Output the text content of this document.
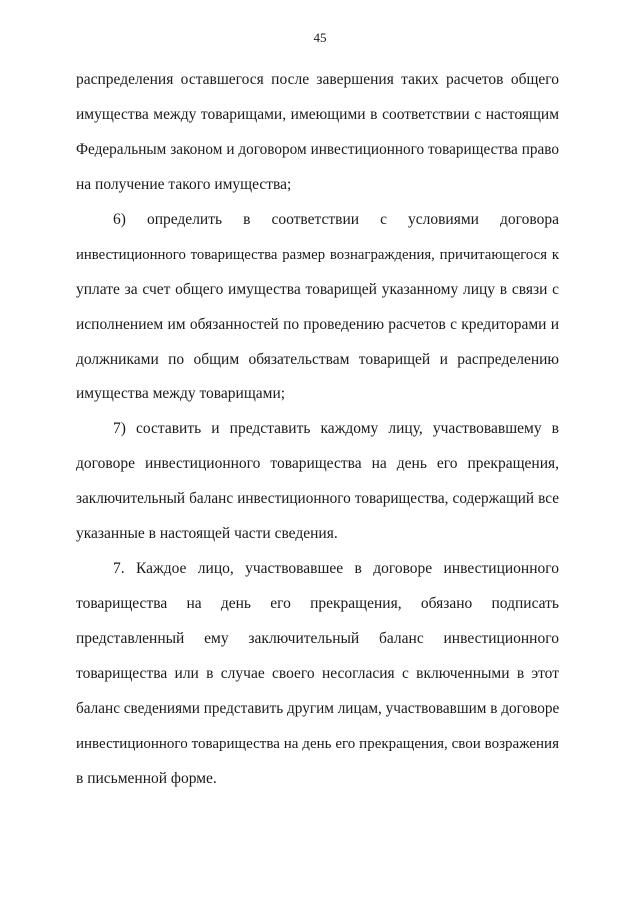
45
распределения оставшегося после завершения таких расчетов общего
имущества между товарищами, имеющими в соответствии с настоящим
Федеральным законом и договором инвестиционного товарищества право
на получение такого имущества;
6) определить в соответствии с условиями договора
инвестиционного товарищества размер вознаграждения, причитающегося к
уплате за счет общего имущества товарищей указанному лицу в связи с
исполнением им обязанностей по проведению расчетов с кредиторами и
должниками по общим обязательствам товарищей и распределению
имущества между товарищами;
7) составить и представить каждому лицу, участвовавшему в
договоре инвестиционного товарищества на день его прекращения,
заключительный баланс инвестиционного товарищества, содержащий все
указанные в настоящей части сведения.
7. Каждое лицо, участвовавшее в договоре инвестиционного
товарищества на день его прекращения, обязано подписать
представленный ему заключительный баланс инвестиционного
товарищества или в случае своего несогласия с включенными в этот
баланс сведениями представить другим лицам, участвовавшим в договоре
инвестиционного товарищества на день его прекращения, свои возражения
в письменной форме.
